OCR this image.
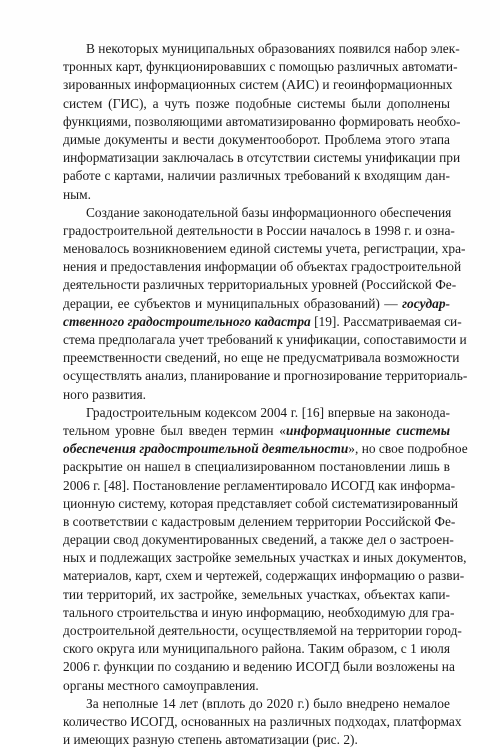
В некоторых муниципальных образованиях появился набор элек-
тронных карт, функционировавших с помощью различных автомати-
зированных информационных систем (АИС) и геоинформационных
систем (ГИС), а чуть позже подобные системы были дополнены
функциями, позволяющими автоматизированно формировать необхо-
димые документы и вести документооборот. Проблема этого этапа
информатизации заключалась в отсутствии системы унификации при
работе с картами, наличии различных требований к входящим дан-
ным.
Создание законодательной базы информационного обеспечения
градостроительной деятельности в России началось в 1998 г. и озна-
меновалось возникновением единой системы учета, регистрации, хра-
нения и предоставления информации об объектах градостроительной
деятельности различных территориальных уровней (Российской Фе-
дерации, ее субъектов и муниципальных образований) — государ-
ственного градостроительного кадастра [19]. Рассматриваемая си-
стема предполагала учет требований к унификации, сопоставимости и
преемственности сведений, но еще не предусматривала возможности
осуществлять анализ, планирование и прогнозирование территориаль-
ного развития.
Градостроительным кодексом 2004 г. [16] впервые на законода-
тельном уровне был введен термин «информационные системы
обеспечения градостроительной деятельности», но свое подробное
раскрытие он нашел в специализированном постановлении лишь в
2006 г. [48]. Постановление регламентировало ИСОГД как информа-
ционную систему, которая представляет собой систематизированный
в соответствии с кадастровым делением территории Российской Фе-
дерации свод документированных сведений, а также дел о застроен-
ных и подлежащих застройке земельных участках и иных документов,
материалов, карт, схем и чертежей, содержащих информацию о разви-
тии территорий, их застройке, земельных участках, объектах капи-
тального строительства и иную информацию, необходимую для гра-
достроительной деятельности, осуществляемой на территории город-
ского округа или муниципального района. Таким образом, с 1 июля
2006 г. функции по созданию и ведению ИСОГД были возложены на
органы местного самоуправления.
За неполные 14 лет (вплоть до 2020 г.) было внедрено немалое
количество ИСОГД, основанных на различных подходах, платформах
и имеющих разную степень автоматизации (рис. 2).
